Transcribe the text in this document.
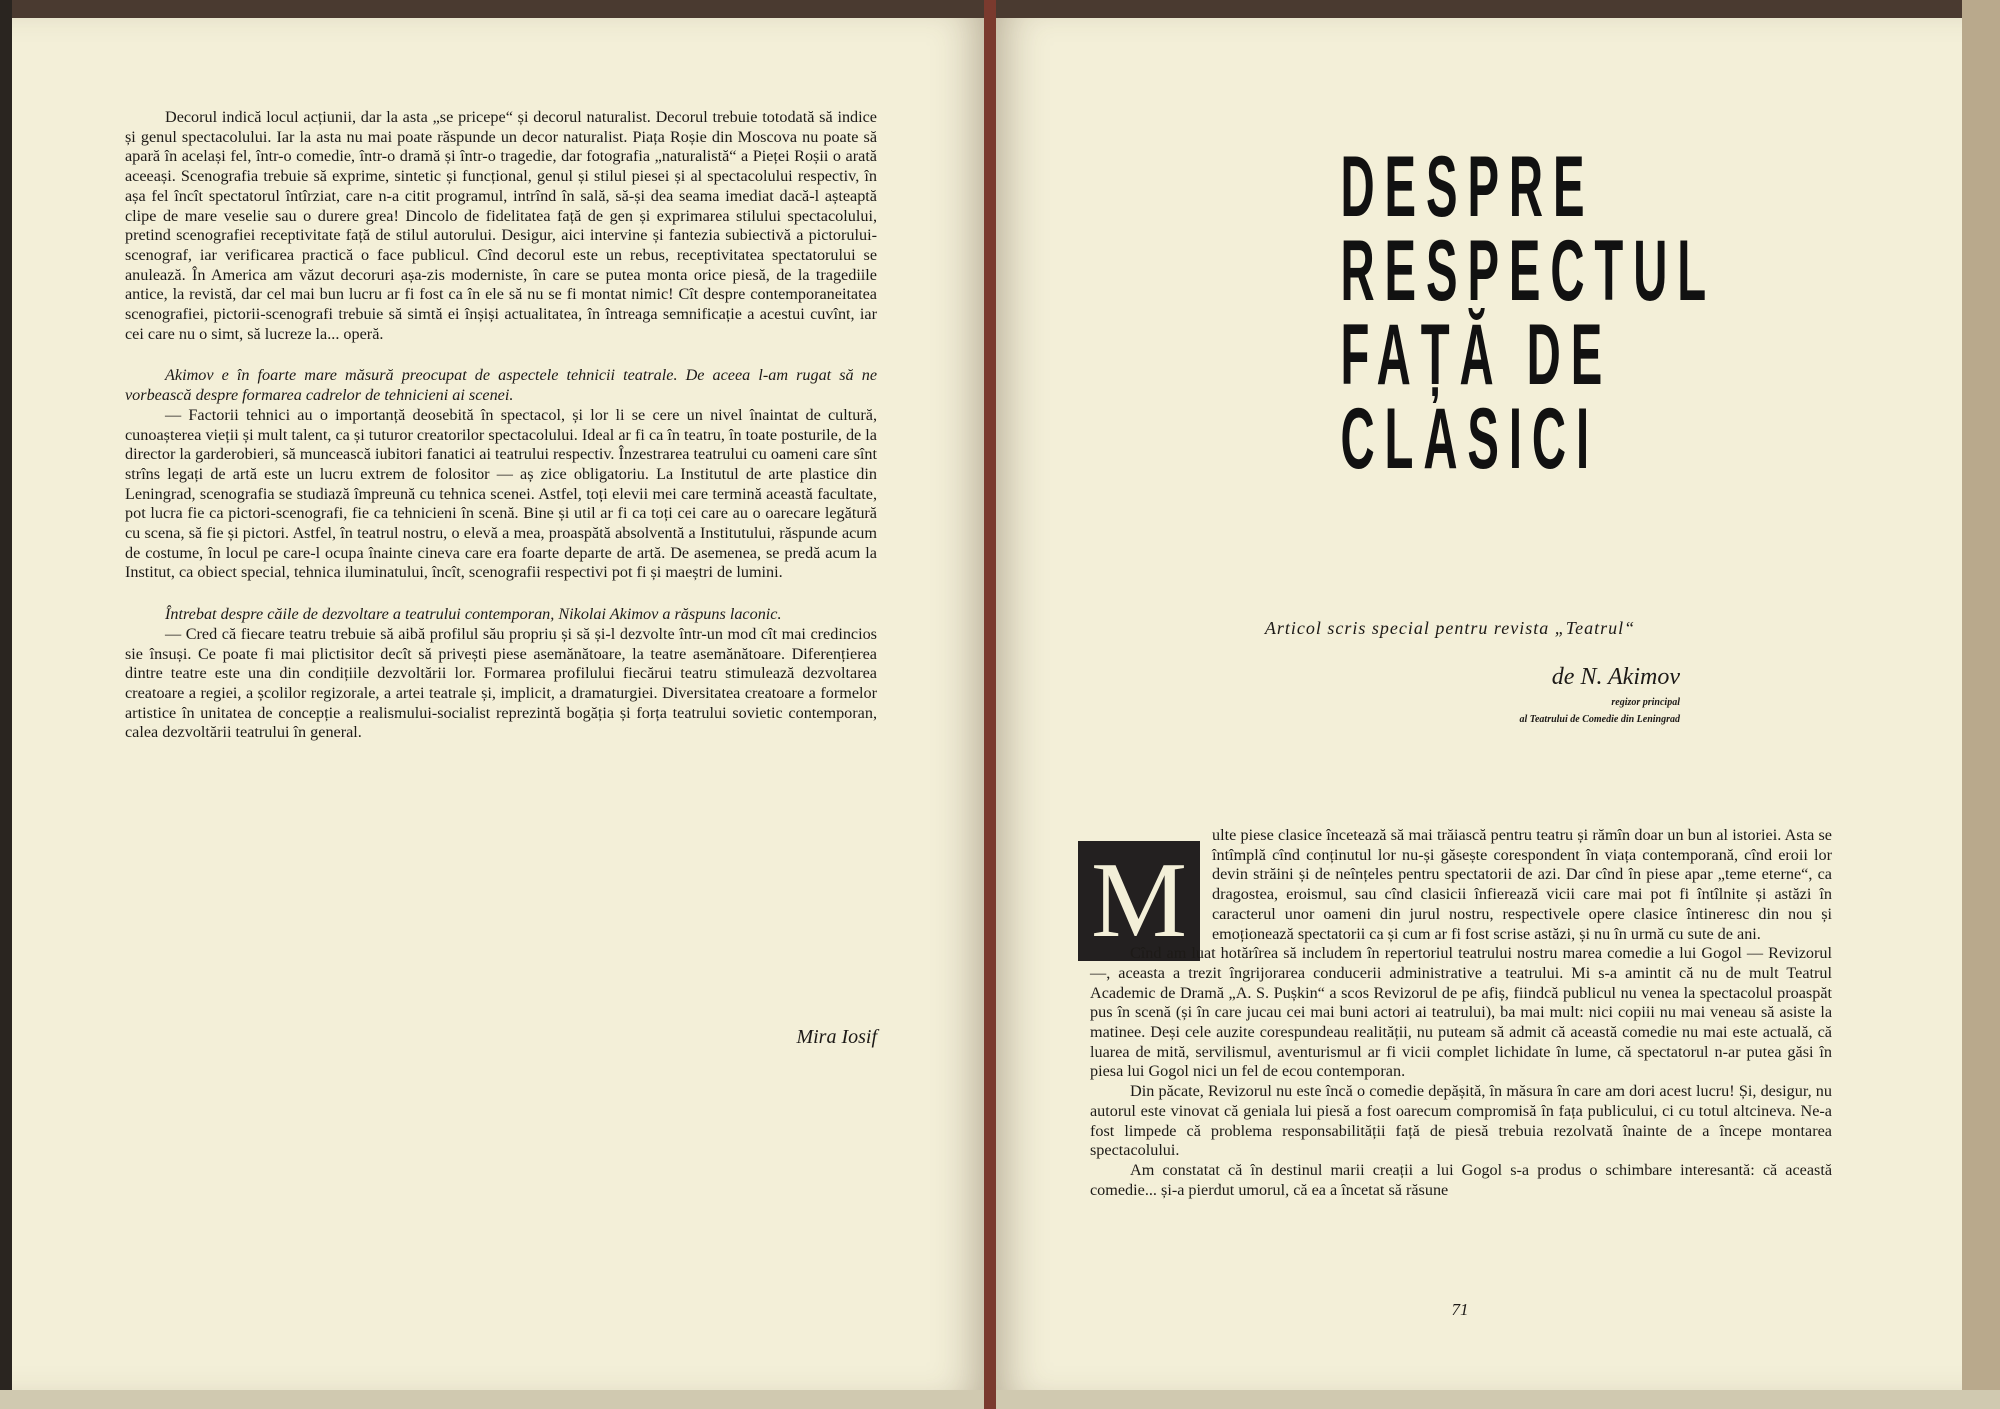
Decorul indică locul acțiunii, dar la asta „se pricepe“ și decorul naturalist. Decorul trebuie totodată să indice și genul spectacolului. Iar la asta nu mai poate răspunde un decor naturalist. Piața Roșie din Moscova nu poate să apară în același fel, într-o comedie, într-o dramă și într-o tragedie, dar fotografia „naturalistă“ a Pieței Roșii o arată aceeași. Scenografia trebuie să exprime, sintetic și funcțional, genul și stilul piesei și al spectacolului respectiv, în așa fel încît spectatorul întîrziat, care n-a citit programul, intrînd în sală, să-și dea seama imediat dacă-l așteaptă clipe de mare veselie sau o durere grea! Dincolo de fidelitatea față de gen și exprimarea stilului spectacolului, pretind scenografiei receptivitate față de stilul autorului. Desigur, aici intervine și fantezia subiectivă a pictorului-scenograf, iar verificarea practică o face publicul. Cînd decorul este un rebus, receptivitatea spectatorului se anulează. În America am văzut decoruri așa-zis moderniste, în care se putea monta orice piesă, de la tragediile antice, la revistă, dar cel mai bun lucru ar fi fost ca în ele să nu se fi montat nimic! Cît despre contemporaneitatea scenografiei, pictorii-scenografi trebuie să simtă ei înșiși actualitatea, în întreaga semnificație a acestui cuvînt, iar cei care nu o simt, să lucreze la... operă.

Akimov e în foarte mare măsură preocupat de aspectele tehnicii teatrale. De aceea l-am rugat să ne vorbească despre formarea cadrelor de tehnicieni ai scenei.

— Factorii tehnici au o importanță deosebită în spectacol, și lor li se cere un nivel înaintat de cultură, cunoașterea vieții și mult talent, ca și tuturor creatorilor spectacolului. Ideal ar fi ca în teatru, în toate posturile, de la director la garderobieri, să muncească iubitori fanatici ai teatrului respectiv. Înzestrarea teatrului cu oameni care sînt strîns legați de artă este un lucru extrem de folositor — aș zice obligatoriu. La Institutul de arte plastice din Leningrad, scenografia se studiază împreună cu tehnica scenei. Astfel, toți elevii mei care termină această facultate, pot lucra fie ca pictori-scenografi, fie ca tehnicieni în scenă. Bine și util ar fi ca toți cei care au o oarecare legătură cu scena, să fie și pictori. Astfel, în teatrul nostru, o elevă a mea, proaspătă absolventă a Institutului, răspunde acum de costume, în locul pe care-l ocupa înainte cineva care era foarte departe de artă. De asemenea, se predă acum la Institut, ca obiect special, tehnica iluminatului, încît, scenografii respectivi pot fi și maeștri de lumini.

Întrebat despre căile de dezvoltare a teatrului contemporan, Nikolai Akimov a răspuns laconic.

— Cred că fiecare teatru trebuie să aibă profilul său propriu și să și-l dezvolte într-un mod cît mai credincios sie însuși. Ce poate fi mai plictisitor decît să privești piese asemănătoare, la teatre asemănătoare. Diferențierea dintre teatre este una din condițiile dezvoltării lor. Formarea profilului fiecărui teatru stimulează dezvoltarea creatoare a regiei, a școlilor regizorale, a artei teatrale și, implicit, a dramaturgiei. Diversitatea creatoare a formelor artistice în unitatea de concepție a realismului-socialist reprezintă bogăția și forța teatrului sovietic contemporan, calea dezvoltării teatrului în general.

Mira Iosif
DESPRE
RESPECTUL
FAȚĂ DE
CLASICI
Articol scris special pentru revista „Teatrul“
de N. Akimov
regizor principal
al Teatrului de Comedie din Leningrad
M

ulte piese clasice încetează să mai trăiască pentru teatru și rămîn doar un bun al istoriei. Asta se întîmplă cînd conținutul lor nu-și găsește corespondent în viața contemporană, cînd eroii lor devin străini și de neînțeles pentru spectatorii de azi. Dar cînd în piese apar „teme eterne“, ca dragostea, eroismul, sau cînd clasicii înfierează vicii care mai pot fi întîlnite și astăzi în caracterul unor oameni din jurul nostru, respectivele opere clasice întineresc din nou și emoționează spectatorii ca și cum ar fi fost scrise astăzi, și nu în urmă cu sute de ani.

Cînd am luat hotărîrea să includem în repertoriul teatrului nostru marea comedie a lui Gogol — Revizorul —, aceasta a trezit îngrijorarea conducerii administrative a teatrului. Mi s-a amintit că nu de mult Teatrul Academic de Dramă „A. S. Pușkin“ a scos Revizorul de pe afiș, fiindcă publicul nu venea la spectacolul proaspăt pus în scenă (și în care jucau cei mai buni actori ai teatrului), ba mai mult: nici copiii nu mai veneau să asiste la matinee. Deși cele auzite corespundeau realității, nu puteam să admit că această comedie nu mai este actuală, că luarea de mită, servilismul, aventurismul ar fi vicii complet lichidate în lume, că spectatorul n-ar putea găsi în piesa lui Gogol nici un fel de ecou contemporan.

Din păcate, Revizorul nu este încă o comedie depășită, în măsura în care am dori acest lucru! Și, desigur, nu autorul este vinovat că geniala lui piesă a fost oarecum compromisă în fața publicului, ci cu totul altcineva. Ne-a fost limpede că problema responsabilității față de piesă trebuia rezolvată înainte de a începe montarea spectacolului.

Am constatat că în destinul marii creații a lui Gogol s-a produs o schimbare interesantă: că această comedie... și-a pierdut umorul, că ea a încetat să răsune

71
